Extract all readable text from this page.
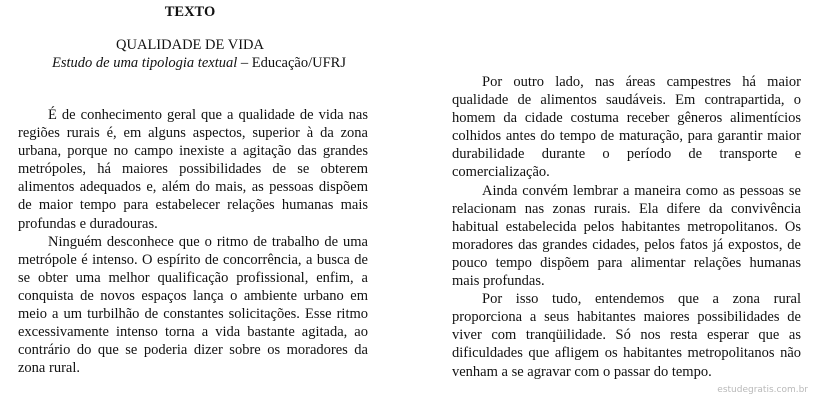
TEXTO
QUALIDADE DE VIDA

Estudo de uma tipologia textual – Educação/UFRJ

É de conhecimento geral que a qualidade de vida nas regiões rurais é, em alguns aspectos, superior à da zona urbana, porque no campo inexiste a agitação das grandes metrópoles, há maiores possibilidades de se obterem alimentos adequados e, além do mais, as pessoas dispõem de maior tempo para estabelecer relações humanas mais profundas e duradouras.

Ninguém desconhece que o ritmo de trabalho de uma metrópole é intenso. O espírito de concorrência, a busca de se obter uma melhor qualificação profissional, enfim, a conquista de novos espaços lança o ambiente urbano em meio a um turbilhão de constantes solicitações. Esse ritmo excessivamente intenso torna a vida bastante agitada, ao contrário do que se poderia dizer sobre os moradores da zona rural.

Por outro lado, nas áreas campestres há maior qualidade de alimentos saudáveis. Em contrapartida, o homem da cidade costuma receber gêneros alimentícios colhidos antes do tempo de maturação, para garantir maior durabilidade durante o período de transporte e comercialização.

Ainda convém lembrar a maneira como as pessoas se relacionam nas zonas rurais. Ela difere da convivência habitual estabelecida pelos habitantes metropolitanos. Os moradores das grandes cidades, pelos fatos já expostos, de pouco tempo dispõem para alimentar relações humanas mais profundas.

Por isso tudo, entendemos que a zona rural proporciona a seus habitantes maiores possibilidades de viver com tranqüilidade. Só nos resta esperar que as dificuldades que afligem os habitantes metropolitanos não venham a se agravar com o passar do tempo.

estudegratis.com.br
